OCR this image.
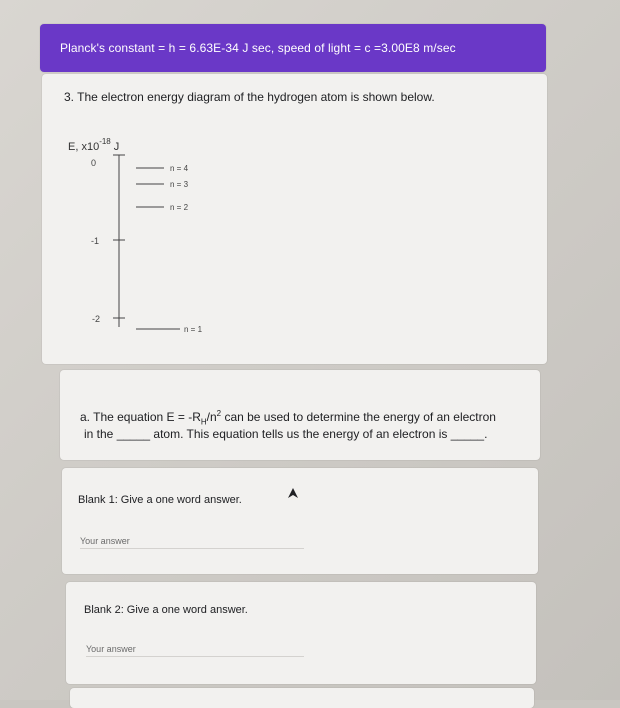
Planck's constant = h = 6.63E-34 J sec, speed of light = c =3.00E8 m/sec
3. The electron energy diagram of the hydrogen atom is shown below.
E, $x10^{-18}$ J
0
-1
-2
n = 4
n = 3
n = 2
n = 1
a. The equation $E = -R_H/n^2$ can be used to determine the energy of an electron
in the _____ atom. This equation tells us the energy of an electron is _____.
Blank 1: Give a one word answer.
Your answer
Blank 2: Give a one word answer.
Your answer
